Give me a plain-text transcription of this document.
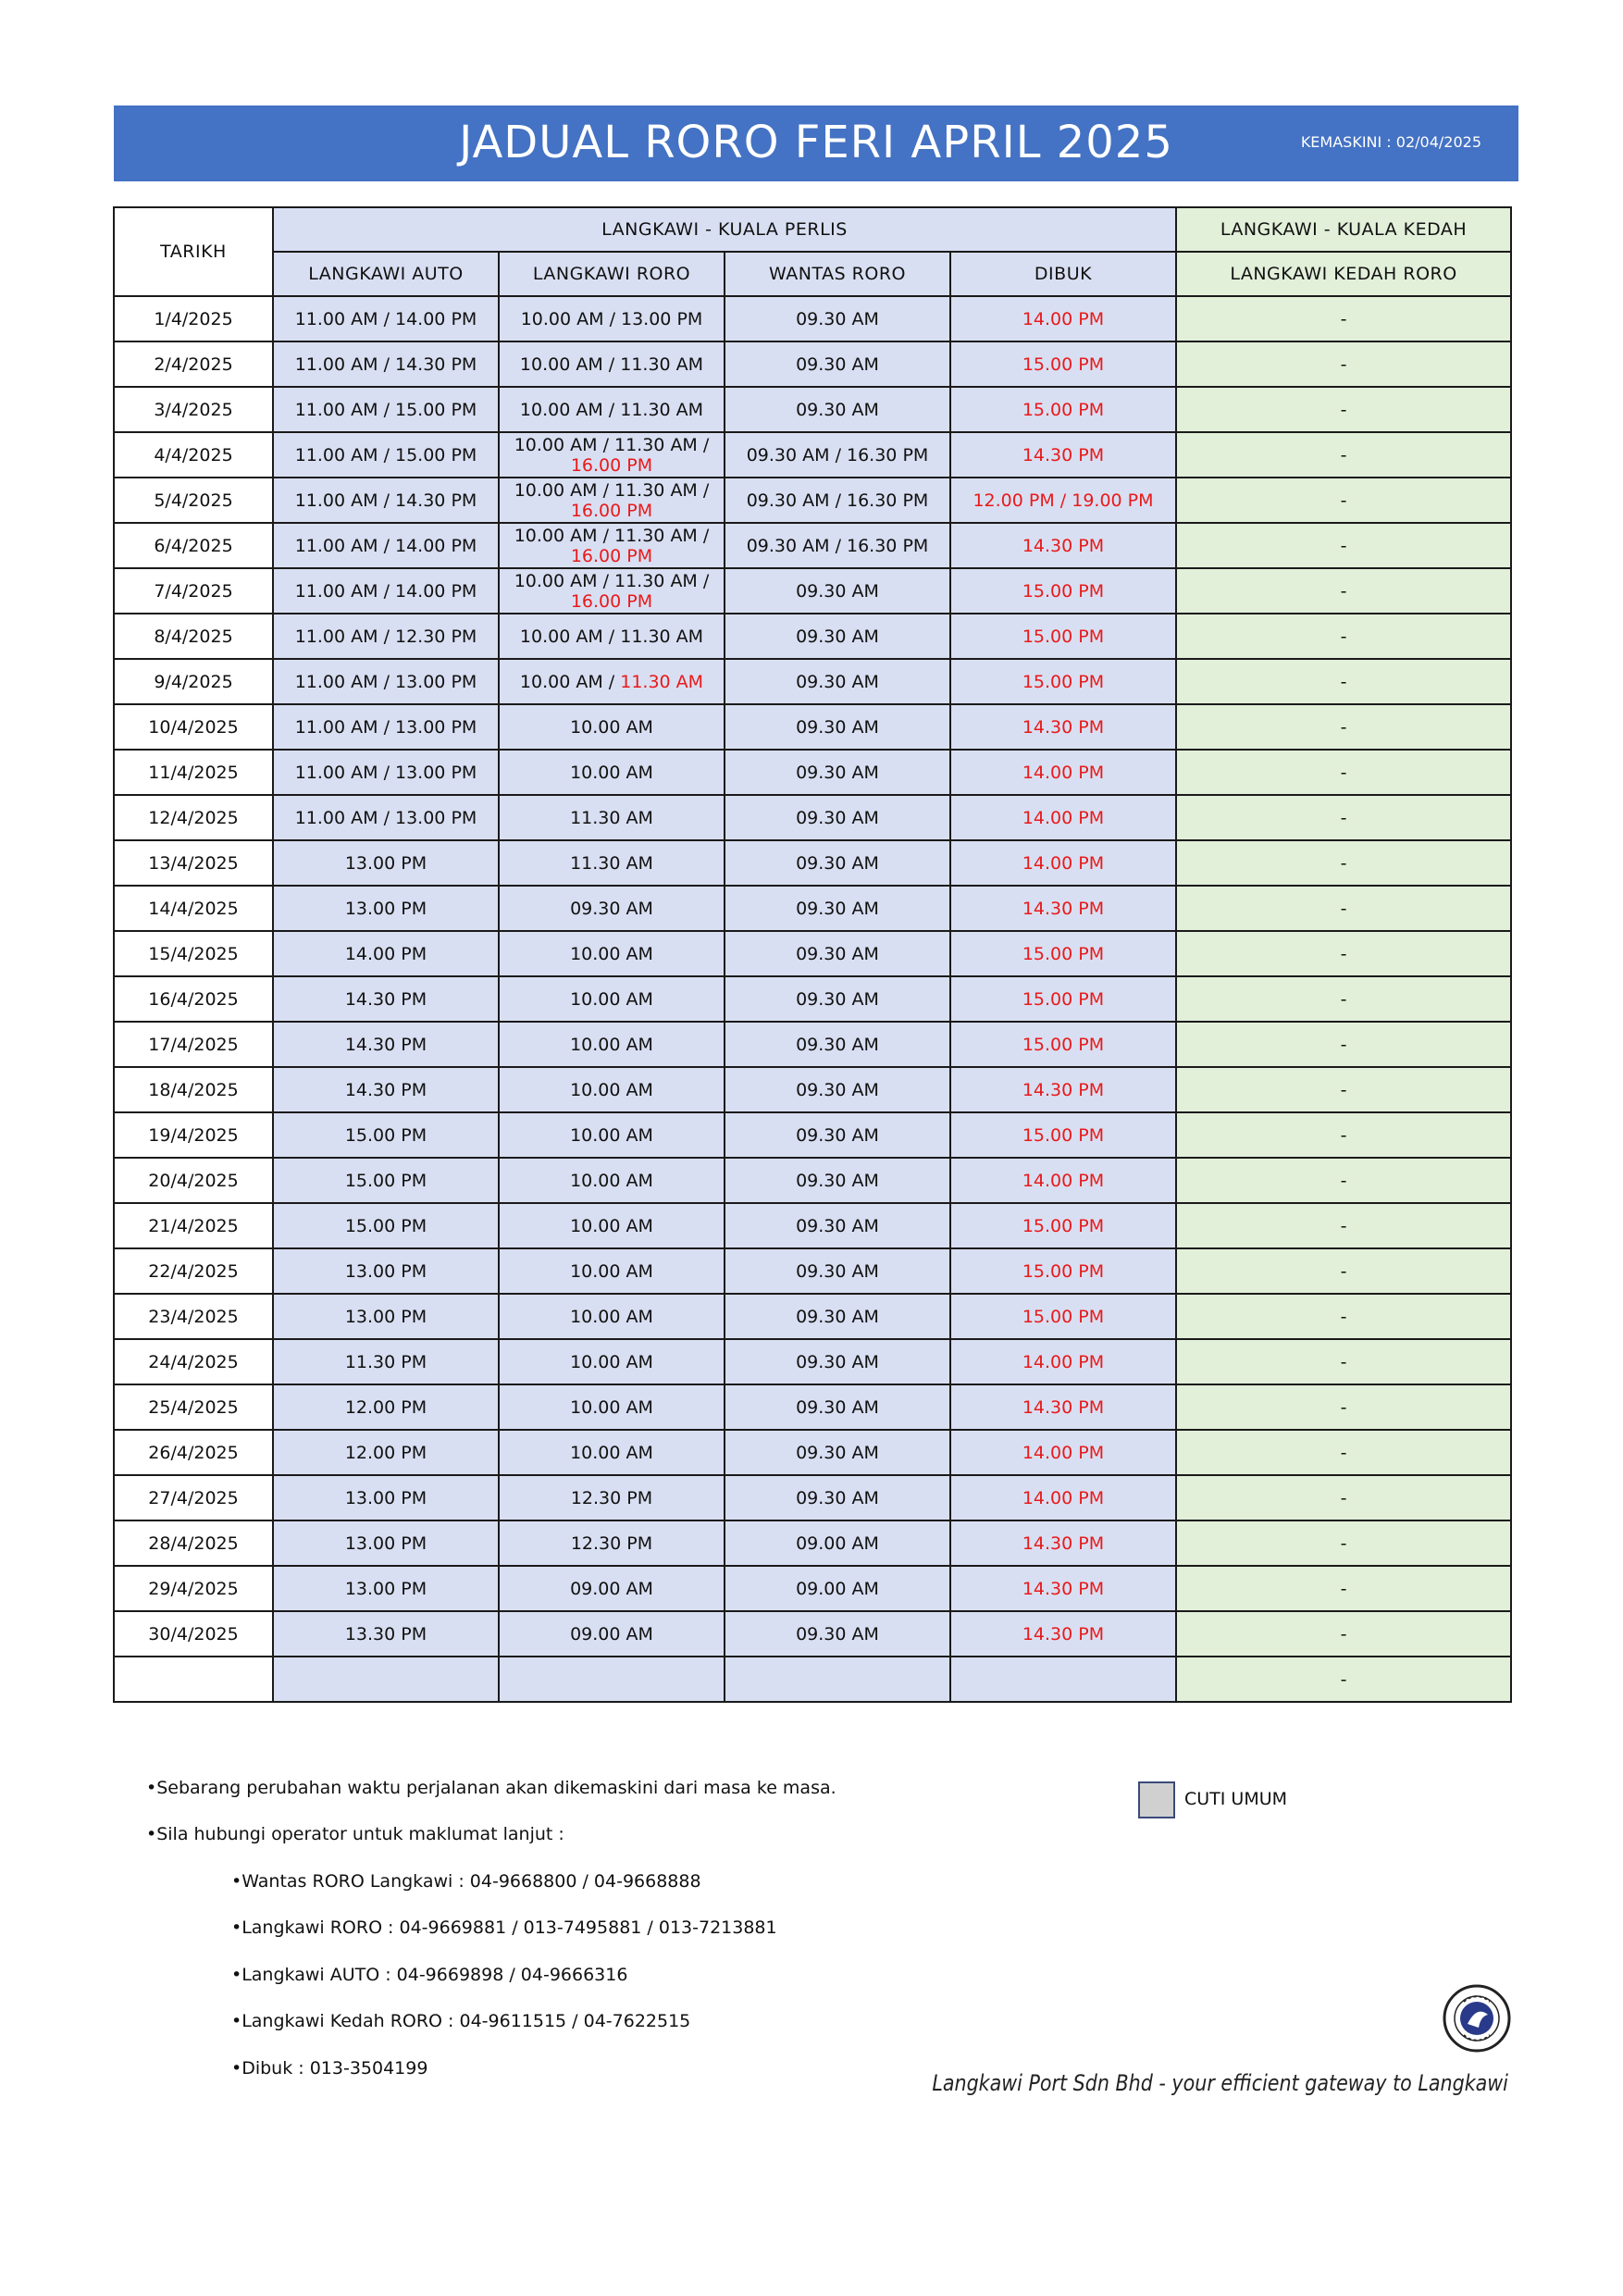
JADUAL RORO FERI APRIL 2025	KEMASKINI : 02/04/2025
TARIKH	LANGKAWI - KUALA PERLIS				LANGKAWI - KUALA KEDAH
	LANGKAWI AUTO	LANGKAWI RORO	WANTAS RORO	DIBUK	LANGKAWI KEDAH RORO
1/4/2025	11.00 AM / 14.00 PM	10.00 AM / 13.00 PM	09.30 AM	14.00 PM	-
2/4/2025	11.00 AM / 14.30 PM	10.00 AM / 11.30 AM	09.30 AM	15.00 PM	-
3/4/2025	11.00 AM / 15.00 PM	10.00 AM / 11.30 AM	09.30 AM	15.00 PM	-
4/4/2025	11.00 AM / 15.00 PM	10.00 AM / 11.30 AM /
16.00 PM	09.30 AM / 16.30 PM	14.30 PM	-
5/4/2025	11.00 AM / 14.30 PM	10.00 AM / 11.30 AM /
16.00 PM	09.30 AM / 16.30 PM	12.00 PM / 19.00 PM	-
6/4/2025	11.00 AM / 14.00 PM	10.00 AM / 11.30 AM /
16.00 PM	09.30 AM / 16.30 PM	14.30 PM	-
7/4/2025	11.00 AM / 14.00 PM	10.00 AM / 11.30 AM /
16.00 PM	09.30 AM	15.00 PM	-
8/4/2025	11.00 AM / 12.30 PM	10.00 AM / 11.30 AM	09.30 AM	15.00 PM	-
9/4/2025	11.00 AM / 13.00 PM	10.00 AM / 11.30 AM	09.30 AM	15.00 PM	-
10/4/2025	11.00 AM / 13.00 PM	10.00 AM	09.30 AM	14.30 PM	-
11/4/2025	11.00 AM / 13.00 PM	10.00 AM	09.30 AM	14.00 PM	-
12/4/2025	11.00 AM / 13.00 PM	11.30 AM	09.30 AM	14.00 PM	-
13/4/2025	13.00 PM	11.30 AM	09.30 AM	14.00 PM	-
14/4/2025	13.00 PM	09.30 AM	09.30 AM	14.30 PM	-
15/4/2025	14.00 PM	10.00 AM	09.30 AM	15.00 PM	-
16/4/2025	14.30 PM	10.00 AM	09.30 AM	15.00 PM	-
17/4/2025	14.30 PM	10.00 AM	09.30 AM	15.00 PM	-
18/4/2025	14.30 PM	10.00 AM	09.30 AM	14.30 PM	-
19/4/2025	15.00 PM	10.00 AM	09.30 AM	15.00 PM	-
20/4/2025	15.00 PM	10.00 AM	09.30 AM	14.00 PM	-
21/4/2025	15.00 PM	10.00 AM	09.30 AM	15.00 PM	-
22/4/2025	13.00 PM	10.00 AM	09.30 AM	15.00 PM	-
23/4/2025	13.00 PM	10.00 AM	09.30 AM	15.00 PM	-
24/4/2025	11.30 PM	10.00 AM	09.30 AM	14.00 PM	-
25/4/2025	12.00 PM	10.00 AM	09.30 AM	14.30 PM	-
26/4/2025	12.00 PM	10.00 AM	09.30 AM	14.00 PM	-
27/4/2025	13.00 PM	12.30 PM	09.30 AM	14.00 PM	-
28/4/2025	13.00 PM	12.30 PM	09.00 AM	14.30 PM	-
29/4/2025	13.00 PM	09.00 AM	09.00 AM	14.30 PM	-
30/4/2025	13.30 PM	09.00 AM	09.30 AM	14.30 PM	-
					-
•Sebarang perubahan waktu perjalanan akan dikemaskini dari masa ke masa.
•Sila hubungi operator untuk maklumat lanjut :
•Wantas RORO Langkawi : 04-9668800 / 04-9668888
•Langkawi RORO : 04-9669881 / 013-7495881 / 013-7213881
•Langkawi AUTO : 04-9669898 / 04-9666316
•Langkawi Kedah RORO : 04-9611515 / 04-7622515
•Dibuk : 013-3504199
CUTI UMUM
Langkawi Port Sdn Bhd - your efficient gateway to Langkawi
